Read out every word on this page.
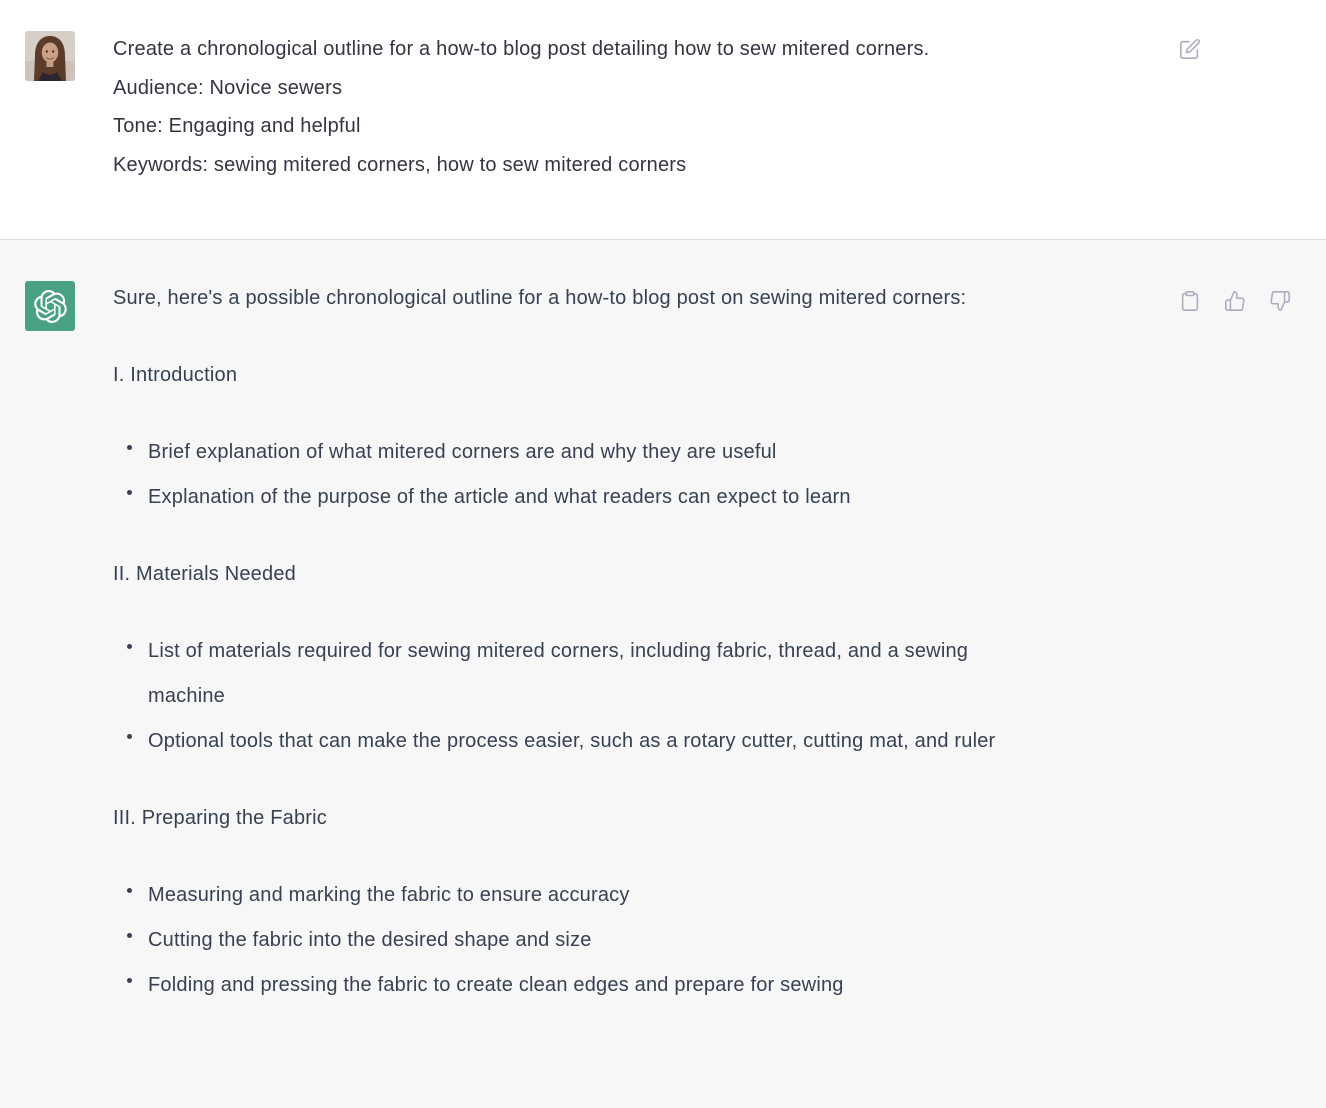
Create a chronological outline for a how-to blog post detailing how to sew mitered corners.
Audience: Novice sewers
Tone: Engaging and helpful
Keywords: sewing mitered corners, how to sew mitered corners

Sure, here's a possible chronological outline for a how-to blog post on sewing mitered corners:

I. Introduction

Brief explanation of what mitered corners are and why they are useful
Explanation of the purpose of the article and what readers can expect to learn

II. Materials Needed

List of materials required for sewing mitered corners, including fabric, thread, and a sewing machine
Optional tools that can make the process easier, such as a rotary cutter, cutting mat, and ruler

III. Preparing the Fabric

Measuring and marking the fabric to ensure accuracy
Cutting the fabric into the desired shape and size
Folding and pressing the fabric to create clean edges and prepare for sewing
